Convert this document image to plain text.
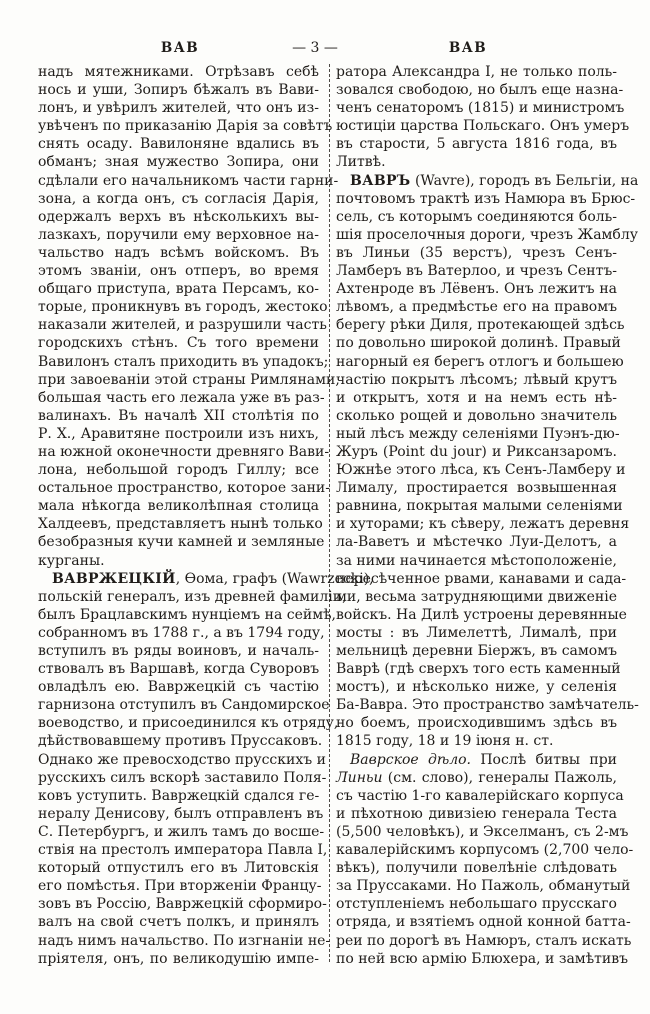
ВАВ	— 3 —	ВАВ
надъ мятежниками. Отрѣзавъ себѣ
нось и уши, Зопиръ бѣжалъ въ Вави-
лонъ, и увѣрилъ жителей, что онъ из-
увѣченъ по приказанію Дарія за совѣтъ
снять осаду. Вавилоняне вдались въ
обманъ; зная мужество Зопира, они
сдѣлали его начальникомъ части гарни-
зона, а когда онъ, съ согласія Дарія,
одержалъ верхъ въ нѣсколькихъ вы-
лазкахъ, поручили ему верховное на-
чальство надъ всѣмъ войскомъ. Въ
этомъ званіи, онъ отперъ, во время
общаго приступа, врата Персамъ, ко-
торые, проникнувъ въ городъ, жестоко
наказали жителей, и разрушили часть
городскихъ стѣнъ. Съ того времени
Вавилонъ сталъ приходить въ упадокъ;
при завоеваніи этой страны Римлянами,
большая часть его лежала уже въ раз-
валинахъ. Въ началѣ XII столѣтія по
Р. Х., Аравитяне построили изъ нихъ,
на южной оконечности древняго Вави-
лона, небольшой городъ Гиллу; все
остальное пространство, которое зани-
мала нѣкогда великолѣпная столица
Халдеевъ, представляетъ нынѣ только
безобразныя кучи камней и земляные
курганы.
ВАВРЖЕЦКІЙ, Ѳома, графъ (Wawrzecki),
польскій генералъ, изъ древней фамиліи,
былъ Брацлавскимъ нунціемъ на сеймѣ,
собранномъ въ 1788 г., а въ 1794 году,
вступилъ въ ряды воиновъ, и началь-
ствовалъ въ Варшавѣ, когда Суворовъ
овладѣлъ ею. Вавржецкій съ частію
гарнизона отступилъ въ Сандомирское
воеводство, и присоединился къ отряду,
дѣйствовавшему противъ Пруссаковъ.
Однако же превосходство прусскихъ и
русскихъ силъ вскорѣ заставило Поля-
ковъ уступить. Вавржецкій сдался ге-
нералу Денисову, былъ отправленъ въ
С. Петербургъ, и жилъ тамъ до восше-
ствія на престолъ императора Павла I,
который отпустилъ его въ Литовскія
его помѣстья. При вторженіи Францу-
зовъ въ Россію, Вавржецкій сформиро-
валъ на свой счетъ полкъ, и принялъ
надъ нимъ начальство. По изгнаніи не-
пріятеля, онъ, по великодушію импе-
ратора Александра I, не только поль-
зовался свободою, но былъ еще назна-
ченъ сенаторомъ (1815) и министромъ
юстиціи царства Польскаго. Онъ умеръ
въ старости, 5 августа 1816 года, въ
Литвѣ.
ВАВРЪ (Wavre), городъ въ Бельгіи, на
почтовомъ трактѣ изъ Намюра въ Брюс-
сель, съ которымъ соединяются боль-
шія проселочныя дороги, чрезъ Жамблу
въ Линьи (35 верстъ), чрезъ Сенъ-
Ламберъ въ Ватерлоо, и чрезъ Сентъ-
Ахтенроде въ Лёвенъ. Онъ лежитъ на
лѣвомъ, а предмѣстье его на правомъ
берегу рѣки Диля, протекающей здѣсь
по довольно широкой долинѣ. Правый
нагорный ея берегъ отлогъ и большею
частію покрытъ лѣсомъ; лѣвый крутъ
и открытъ, хотя и на немъ есть нѣ-
сколько рощей и довольно значитель
ный лѣсъ между селеніями Пуэнъ-дю-
Журъ (Point du jour) и Риксанзаромъ.
Южнѣе этого лѣса, къ Сенъ-Ламберу и
Лималу, простирается возвышенная
равнина, покрытая малыми селеніями
и хуторами; къ сѣверу, лежатъ деревня
ла-Ваветъ и мѣстечко Луи-Делотъ, а
за ними начинается мѣстоположеніе,
пересѣченное рвами, канавами и сада-
ми, весьма затрудняющими движеніе
войскъ. На Дилѣ устроены деревянные
мосты : въ Лимелеттѣ, Лималѣ, при
мельницѣ деревни Біержъ, въ самомъ
Ваврѣ (гдѣ сверхъ того есть каменный
мостъ), и нѣсколько ниже, у селенія
Ба-Вавра. Это пространство замѣчатель-
но боемъ, происходившимъ здѣсь въ
1815 году, 18 и 19 іюня н. ст.
Ваврское дѣло. Послѣ битвы при
Линьи (см. слово), генералы Пажоль,
съ частію 1-го кавалерійскаго корпуса
и пѣхотною дивизіею генерала Теста
(5,500 человѣкъ), и Экселманъ, съ 2-мъ
кавалерійскимъ корпусомъ (2,700 чело-
вѣкъ), получили повелѣніе слѣдовать
за Пруссаками. Но Пажоль, обманутый
отступленіемъ небольшаго прусскаго
отряда, и взятіемъ одной конной батта-
реи по дорогѣ въ Намюръ, сталъ искать
по ней всю армію Блюхера, и замѣтивъ
